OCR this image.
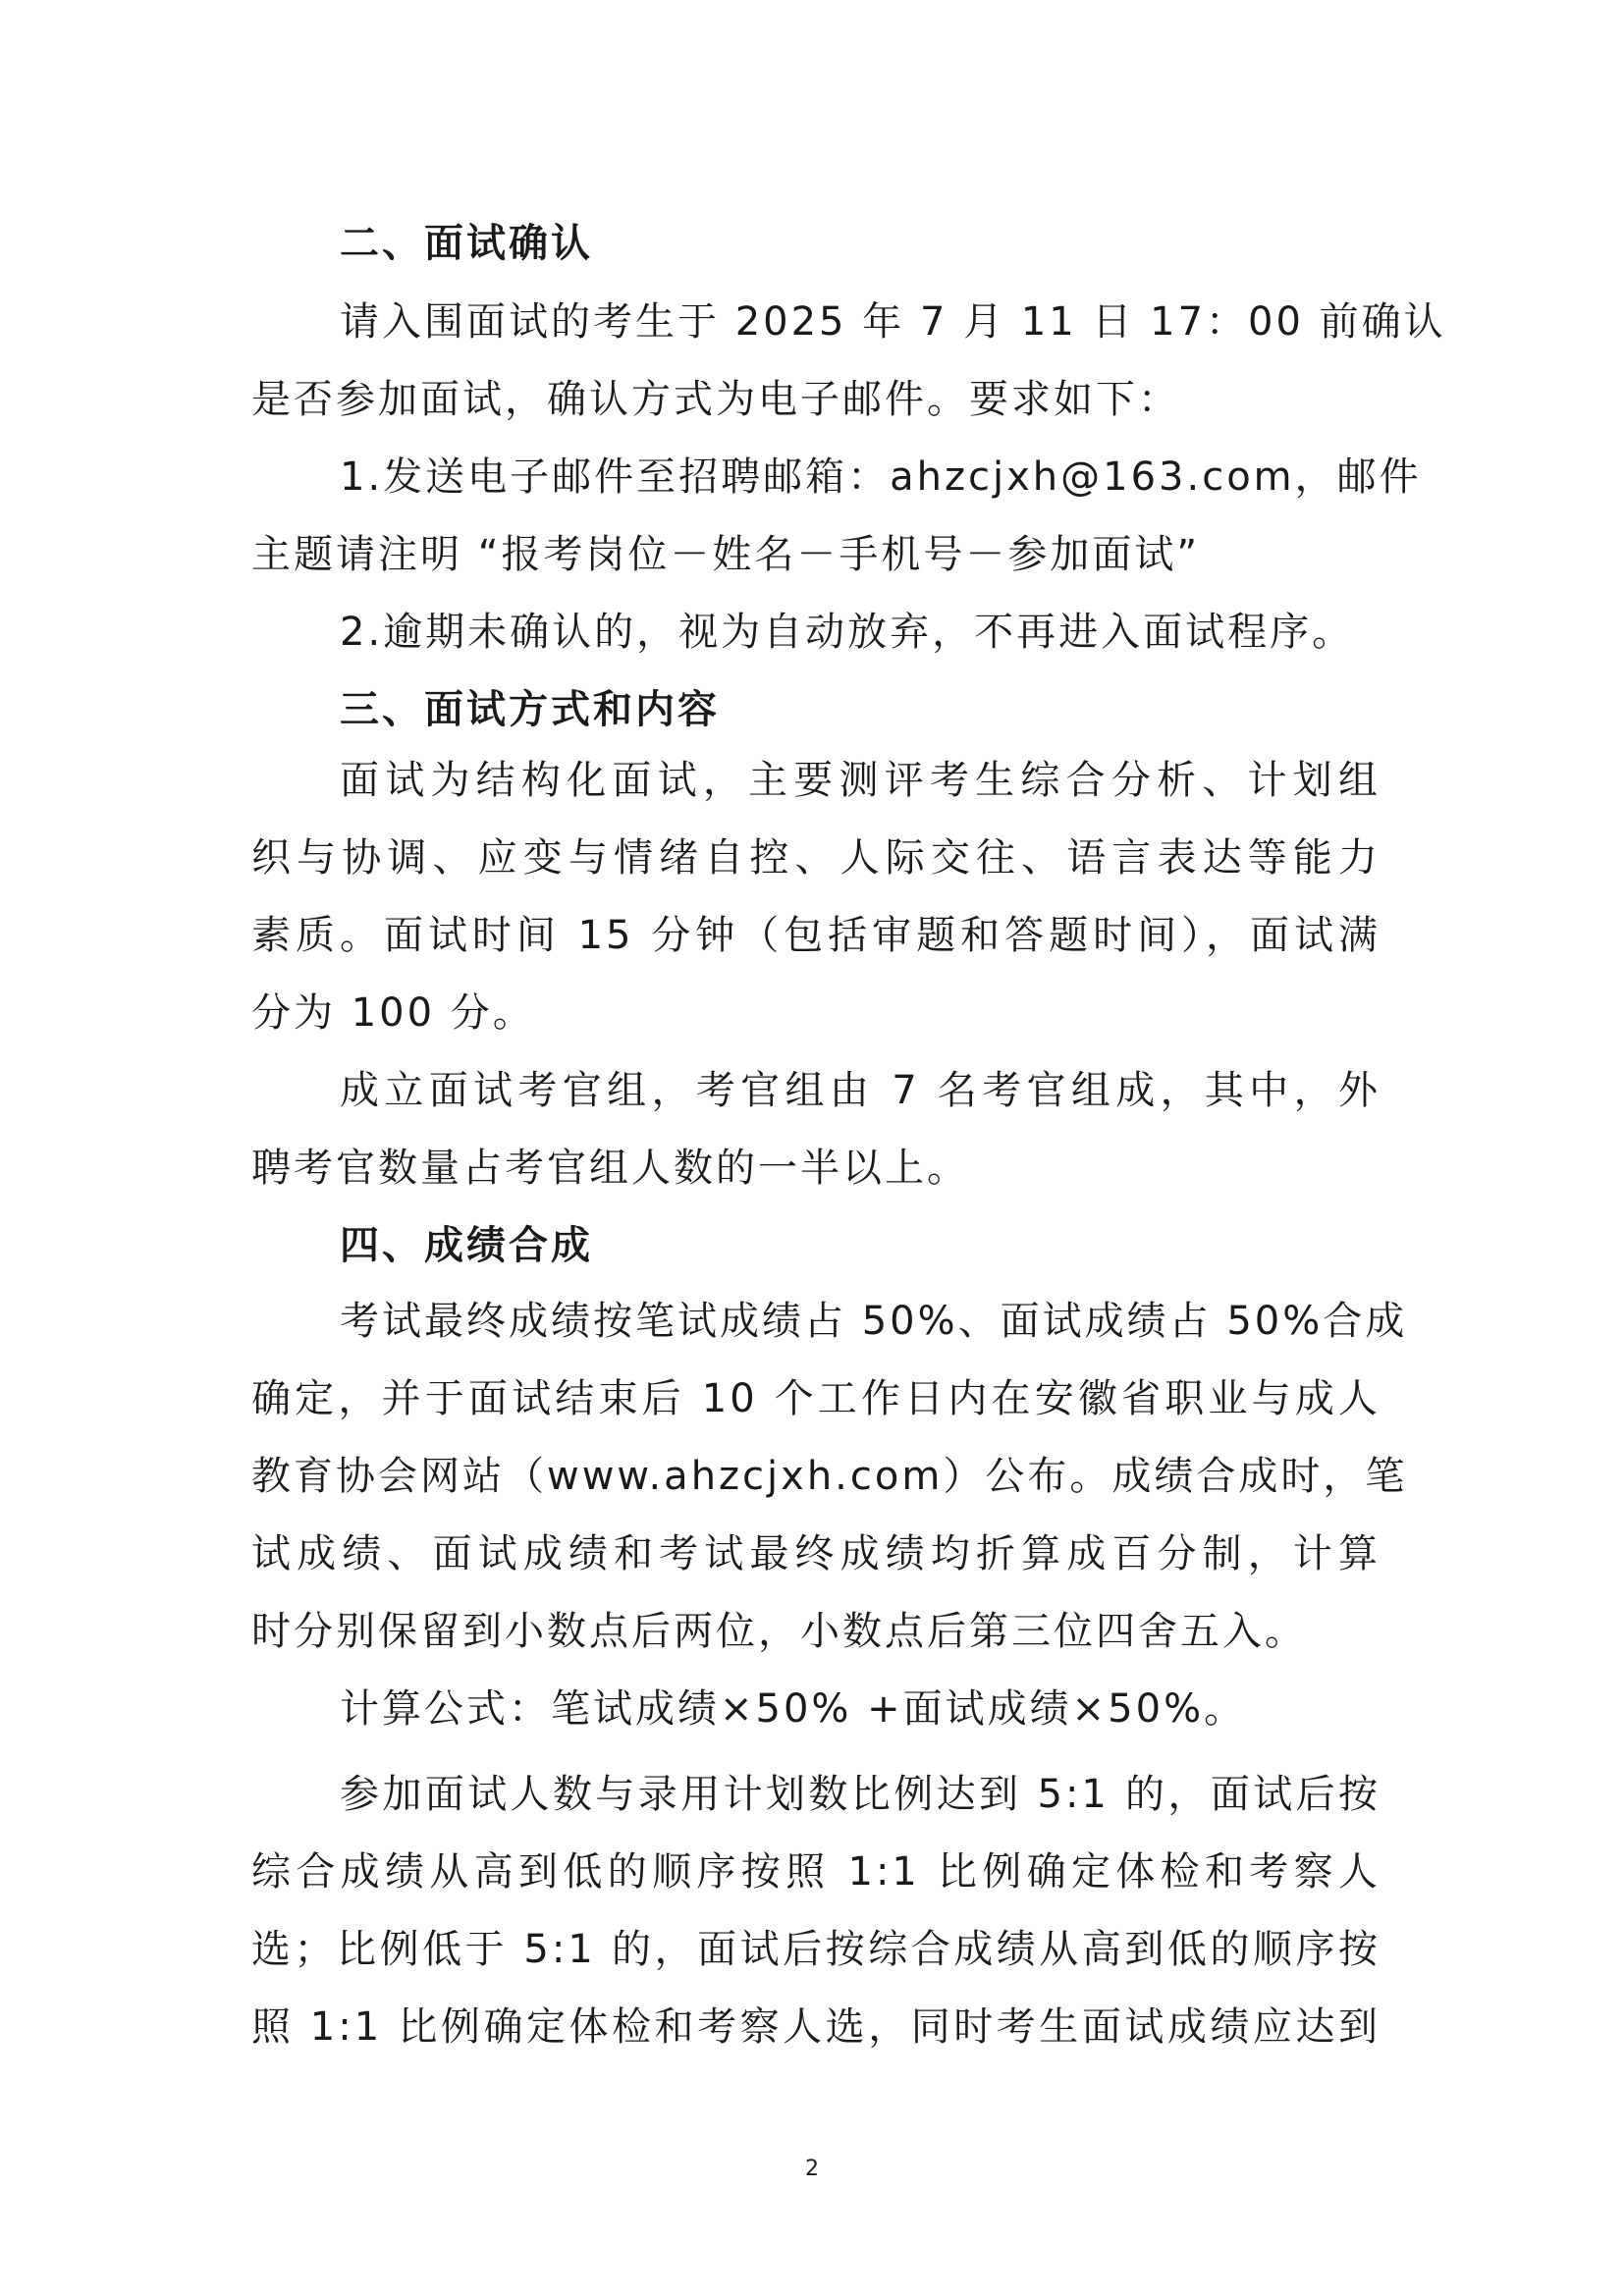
二、面试确认

请入围面试的考生于 2025 年 7 月 11 日 17：00 前确认

是否参加面试，确认方式为电子邮件。要求如下：

1.发送电子邮件至招聘邮箱：ahzcjxh@163.com，邮件

主题请注明 “报考岗位－姓名－手机号－参加面试”

2.逾期未确认的，视为自动放弃，不再进入面试程序。

三、面试方式和内容

面试为结构化面试，主要测评考生综合分析、计划组

织与协调、应变与情绪自控、人际交往、语言表达等能力

素质。面试时间 15 分钟（包括审题和答题时间），面试满

分为 100 分。

成立面试考官组，考官组由 7 名考官组成，其中，外

聘考官数量占考官组人数的一半以上。

四、成绩合成

考试最终成绩按笔试成绩占 50%、面试成绩占 50%合成

确定，并于面试结束后 10 个工作日内在安徽省职业与成人

教育协会网站（www.ahzcjxh.com）公布。成绩合成时，笔

试成绩、面试成绩和考试最终成绩均折算成百分制，计算

时分别保留到小数点后两位，小数点后第三位四舍五入。

计算公式：笔试成绩×50% +面试成绩×50%。

参加面试人数与录用计划数比例达到 5:1 的，面试后按

综合成绩从高到低的顺序按照 1:1 比例确定体检和考察人

选；比例低于 5:1 的，面试后按综合成绩从高到低的顺序按

照 1:1 比例确定体检和考察人选，同时考生面试成绩应达到

2
